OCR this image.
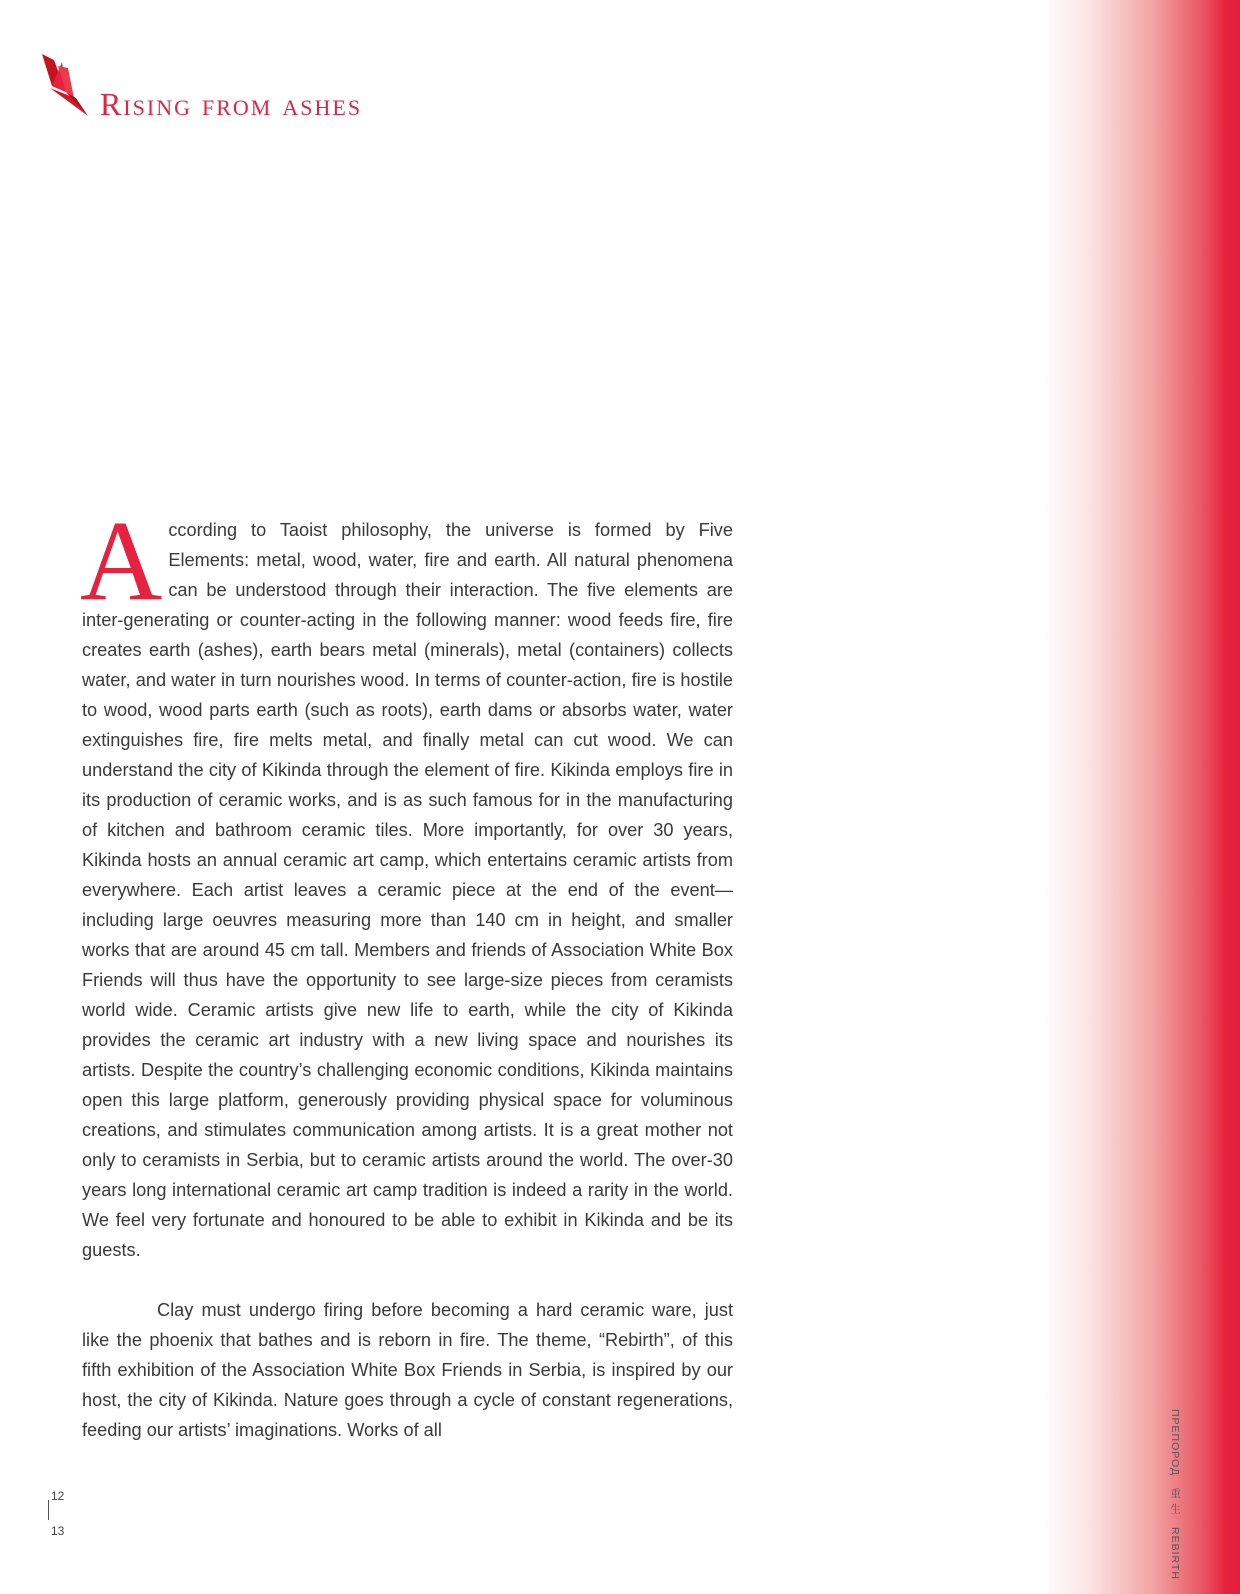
Rising from ashes

According to Taoist philosophy, the universe is formed by Five Elements: metal, wood, water, fire and earth. All natural phenomena can be understood through their interaction. The five elements are inter-generating or counter-acting in the following manner: wood feeds fire, fire creates earth (ashes), earth bears metal (minerals), metal (containers) collects water, and water in turn nourishes wood. In terms of counter-action, fire is hostile to wood, wood parts earth (such as roots), earth dams or absorbs water, water extinguishes fire, fire melts metal, and finally metal can cut wood. We can understand the city of Kikinda through the element of fire. Kikinda employs fire in its production of ceramic works, and is as such famous for in the manufacturing of kitchen and bathroom ceramic tiles. More importantly, for over 30 years, Kikinda hosts an annual ceramic art camp, which entertains ceramic artists from everywhere. Each artist leaves a ceramic piece at the end of the event—including large oeuvres measuring more than 140 cm in height, and smaller works that are around 45 cm tall. Members and friends of Association White Box Friends will thus have the opportunity to see large-size pieces from ceramists world wide. Ceramic artists give new life to earth, while the city of Kikinda provides the ceramic art industry with a new living space and nourishes its artists. Despite the country’s challenging economic conditions, Kikinda maintains open this large platform, generously providing physical space for voluminous creations, and stimulates communication among artists. It is a great mother not only to ceramists in Serbia, but to ceramic artists around the world. The over-30 years long international ceramic art camp tradition is indeed a rarity in the world. We feel very fortunate and honoured to be able to exhibit in Kikinda and be its guests.

Clay must undergo firing before becoming a hard ceramic ware, just like the phoenix that bathes and is reborn in fire. The theme, “Rebirth”, of this fifth exhibition of the Association White Box Friends in Serbia, is inspired by our host, the city of Kikinda. Nature goes through a cycle of constant regenerations, feeding our artists’ imaginations. Works of all

12
13
ПРЕПОРОД 重 生 REBIRTH
